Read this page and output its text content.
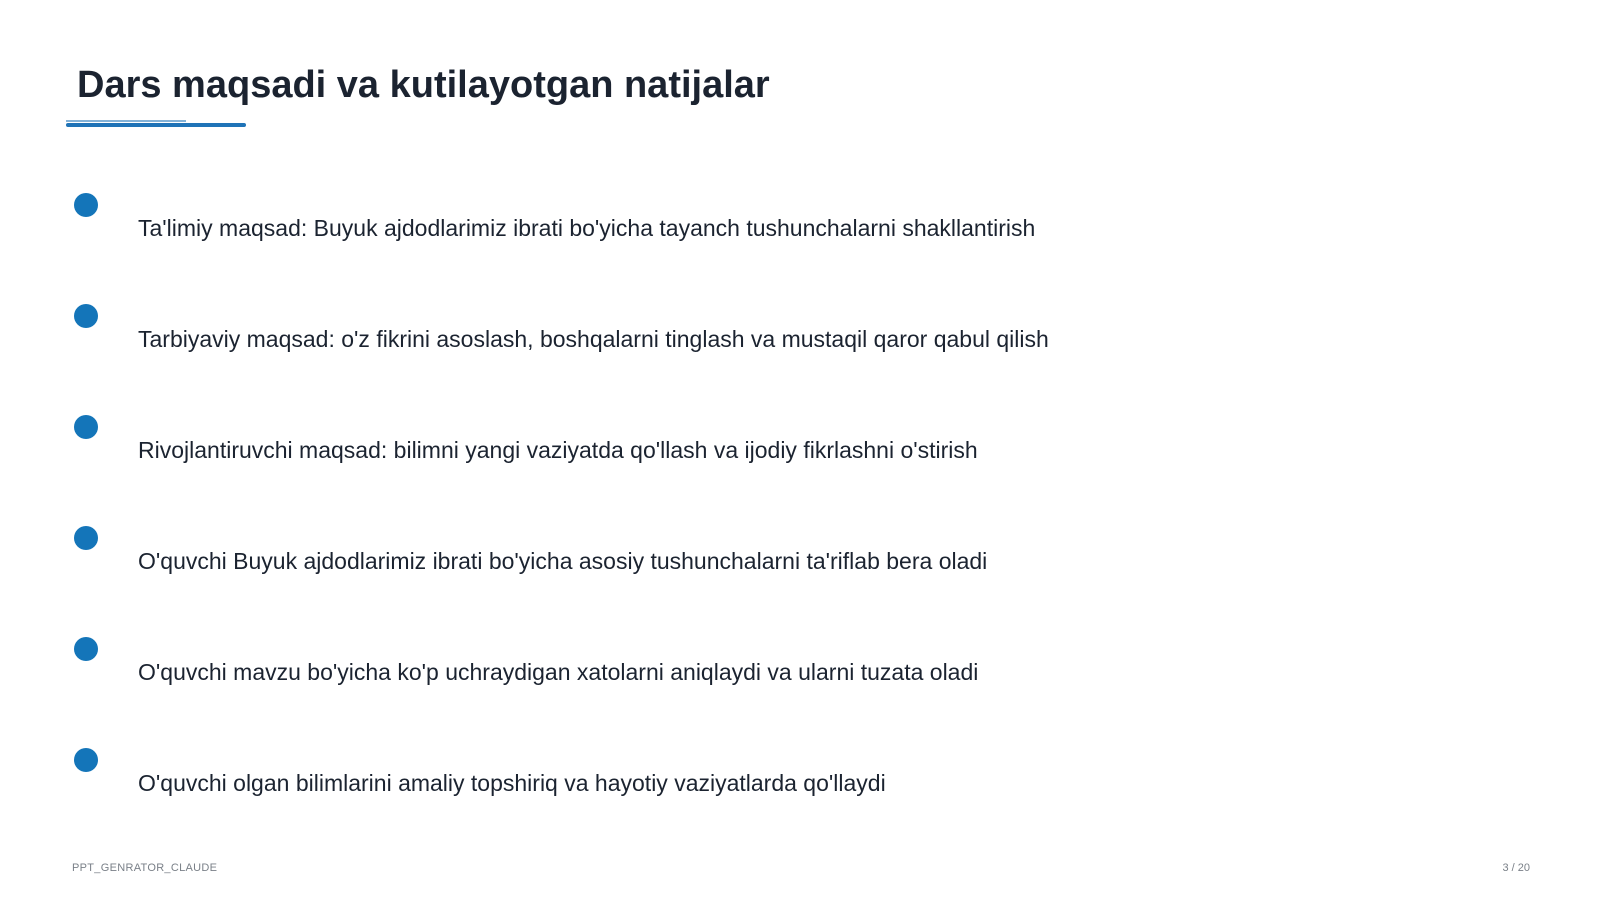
Dars maqsadi va kutilayotgan natijalar
Ta'limiy maqsad: Buyuk ajdodlarimiz ibrati bo'yicha tayanch tushunchalarni shakllantirish
Tarbiyaviy maqsad: o'z fikrini asoslash, boshqalarni tinglash va mustaqil qaror qabul qilish
Rivojlantiruvchi maqsad: bilimni yangi vaziyatda qo'llash va ijodiy fikrlashni o'stirish
O'quvchi Buyuk ajdodlarimiz ibrati bo'yicha asosiy tushunchalarni ta'riflab bera oladi
O'quvchi mavzu bo'yicha ko'p uchraydigan xatolarni aniqlaydi va ularni tuzata oladi
O'quvchi olgan bilimlarini amaliy topshiriq va hayotiy vaziyatlarda qo'llaydi
PPT_GENRATOR_CLAUDE	3 / 20
